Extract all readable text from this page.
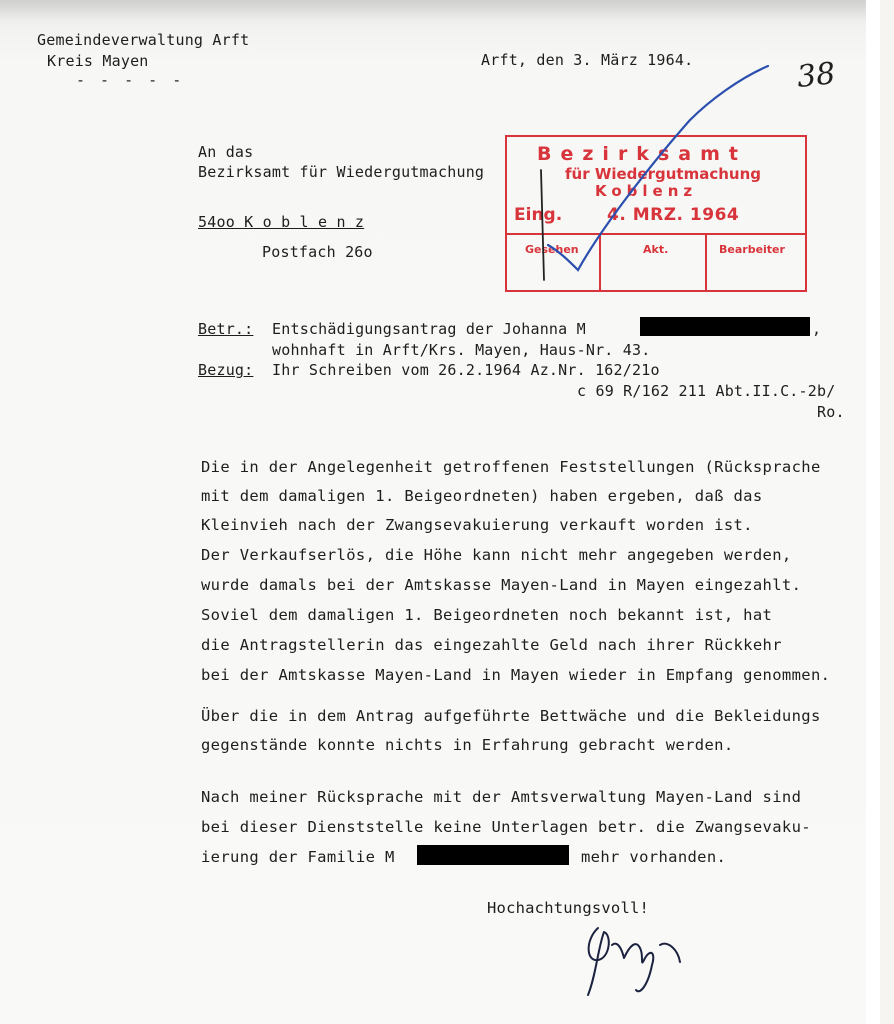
Gemeindeverwaltung Arft
Kreis Mayen
- - - - -
Arft, den 3. März 1964.	38
An das
Bezirksamt für Wiedergutmachung
54oo K o b l e n z
Postfach 26o
Bezirksamt
für Wiedergutmachung
Koblenz
Eing.	4. MRZ. 1964
Gesehen	Akt.	Bearbeiter
Betr.: Entschädigungsantrag der Johanna M	,
wohnhaft in Arft/Krs. Mayen, Haus-Nr. 43.
Bezug: Ihr Schreiben vom 26.2.1964 Az.Nr. 162/21o
c 69 R/162 211 Abt.II.C.-2b/
Ro.
Die in der Angelegenheit getroffenen Feststellungen (Rücksprache
mit dem damaligen 1. Beigeordneten) haben ergeben, daß das
Kleinvieh nach der Zwangsevakuierung verkauft worden ist.
Der Verkaufserlös, die Höhe kann nicht mehr angegeben werden,
wurde damals bei der Amtskasse Mayen-Land in Mayen eingezahlt.
Soviel dem damaligen 1. Beigeordneten noch bekannt ist, hat
die Antragstellerin das eingezahlte Geld nach ihrer Rückkehr
bei der Amtskasse Mayen-Land in Mayen wieder in Empfang genommen.
Über die in dem Antrag aufgeführte Bettwäche und die Bekleidungs
gegenstände konnte nichts in Erfahrung gebracht werden.
Nach meiner Rücksprache mit der Amtsverwaltung Mayen-Land sind
bei dieser Dienststelle keine Unterlagen betr. die Zwangsevaku-
ierung der Familie M	mehr vorhanden.
Hochachtungsvoll!
